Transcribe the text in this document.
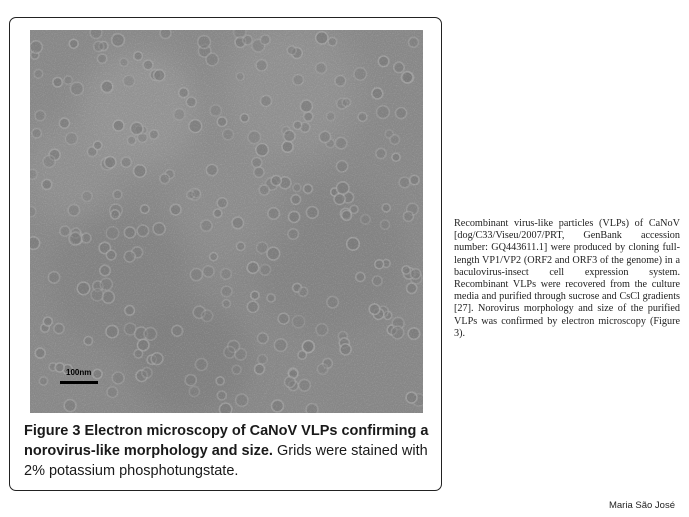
100nm
Figure 3 Electron microscopy of CaNoV VLPs confirming a norovirus-like morphology and size. Grids were stained with 2% potassium phosphotungstate.
Recombinant virus-like particles (VLPs) of CaNoV [dog/C33/Viseu/2007/PRT, GenBank accession number: GQ443611.1] were produced by cloning full-length VP1/VP2 (ORF2 and ORF3 of the genome) in a baculovirus-insect cell expression system. Recombinant VLPs were recovered from the culture media and purified through sucrose and CsCl gradients [27]. Norovirus morphology and size of the purified VLPs was confirmed by electron microscopy (Figure 3).
Maria São José
